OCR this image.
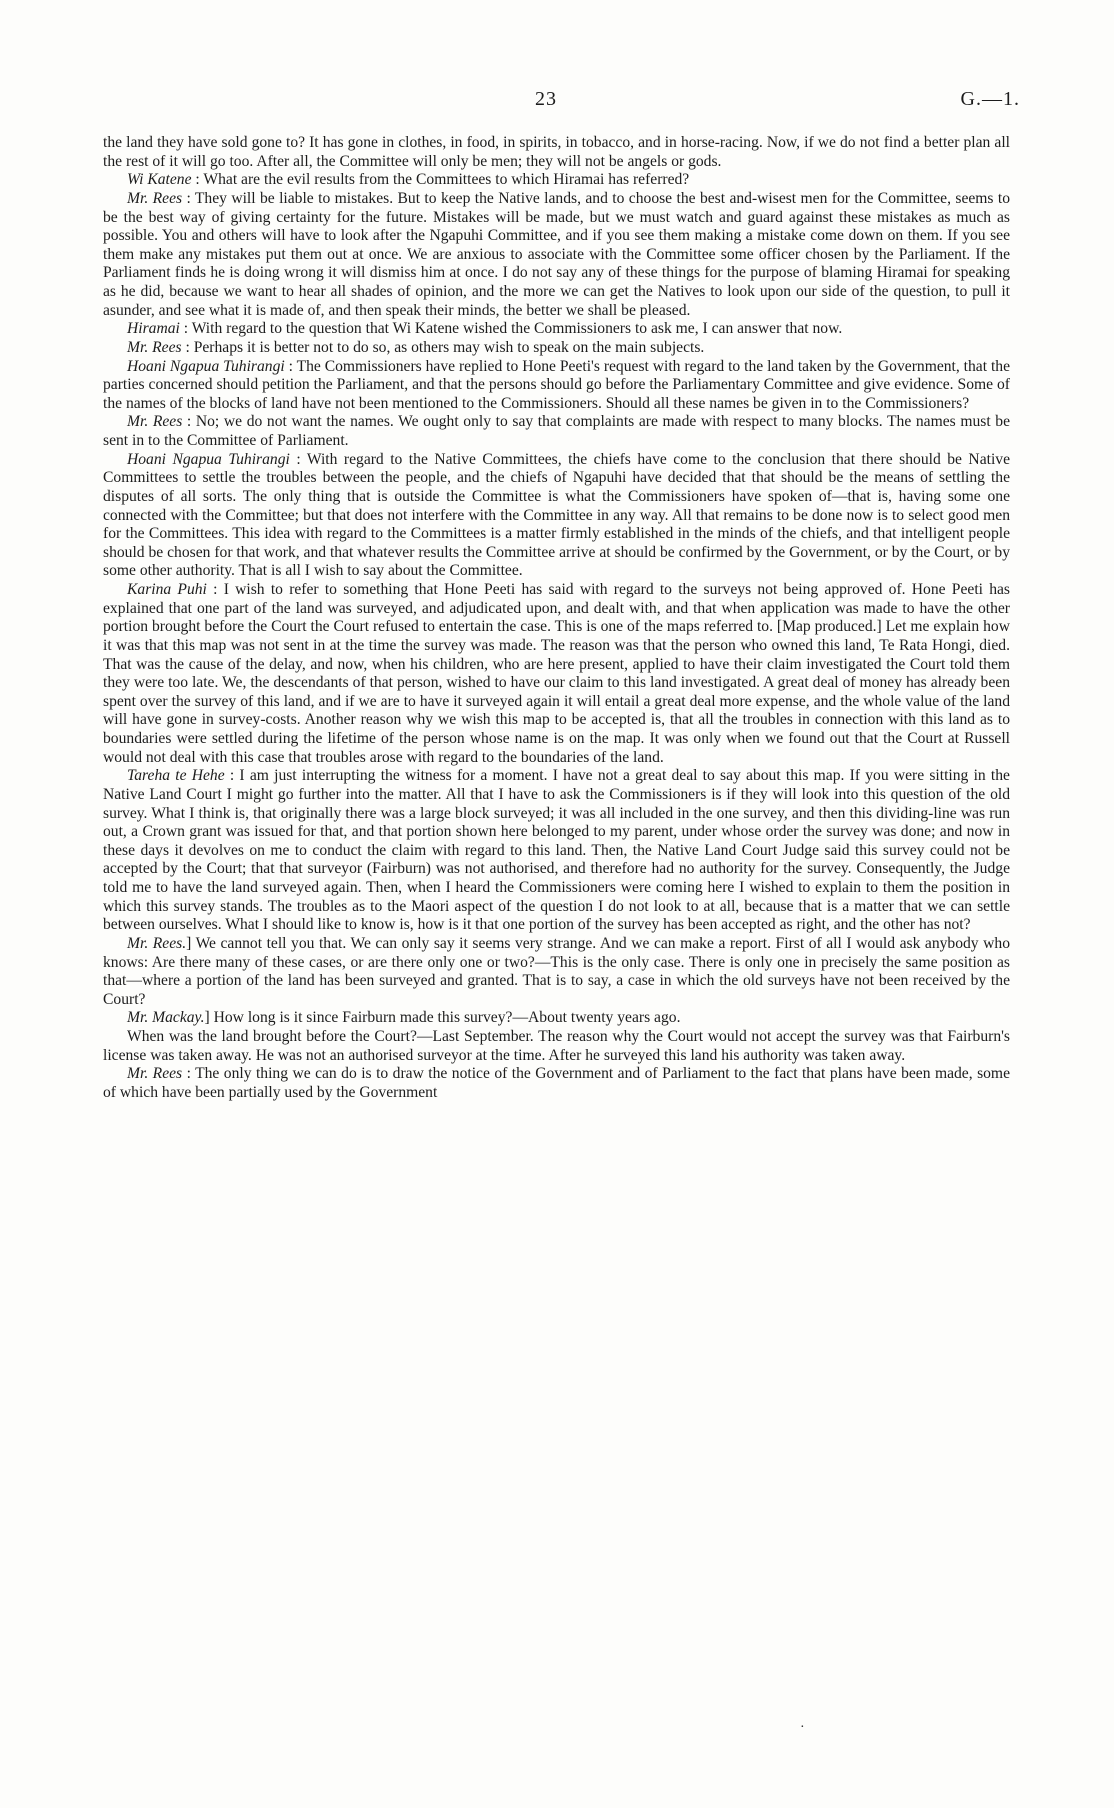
23	G.—1.

the land they have sold gone to? It has gone in clothes, in food, in spirits, in tobacco, and in horse-racing. Now, if we do not find a better plan all the rest of it will go too. After all, the Committee will only be men; they will not be angels or gods.

Wi Katene : What are the evil results from the Committees to which Hiramai has referred?

Mr. Rees : They will be liable to mistakes. But to keep the Native lands, and to choose the best and-wisest men for the Committee, seems to be the best way of giving certainty for the future. Mistakes will be made, but we must watch and guard against these mistakes as much as possible. You and others will have to look after the Ngapuhi Committee, and if you see them making a mistake come down on them. If you see them make any mistakes put them out at once. We are anxious to associate with the Committee some officer chosen by the Parliament. If the Parliament finds he is doing wrong it will dismiss him at once. I do not say any of these things for the purpose of blaming Hiramai for speaking as he did, because we want to hear all shades of opinion, and the more we can get the Natives to look upon our side of the question, to pull it asunder, and see what it is made of, and then speak their minds, the better we shall be pleased.

Hiramai : With regard to the question that Wi Katene wished the Commissioners to ask me, I can answer that now.

Mr. Rees : Perhaps it is better not to do so, as others may wish to speak on the main subjects.

Hoani Ngapua Tuhirangi : The Commissioners have replied to Hone Peeti's request with regard to the land taken by the Government, that the parties concerned should petition the Parliament, and that the persons should go before the Parliamentary Committee and give evidence. Some of the names of the blocks of land have not been mentioned to the Commissioners. Should all these names be given in to the Commissioners?

Mr. Rees : No; we do not want the names. We ought only to say that complaints are made with respect to many blocks. The names must be sent in to the Committee of Parliament.

Hoani Ngapua Tuhirangi : With regard to the Native Committees, the chiefs have come to the conclusion that there should be Native Committees to settle the troubles between the people, and the chiefs of Ngapuhi have decided that that should be the means of settling the disputes of all sorts. The only thing that is outside the Committee is what the Commissioners have spoken of—that is, having some one connected with the Committee; but that does not interfere with the Committee in any way. All that remains to be done now is to select good men for the Committees. This idea with regard to the Committees is a matter firmly established in the minds of the chiefs, and that intelligent people should be chosen for that work, and that whatever results the Committee arrive at should be confirmed by the Government, or by the Court, or by some other authority. That is all I wish to say about the Committee.

Karina Puhi : I wish to refer to something that Hone Peeti has said with regard to the surveys not being approved of. Hone Peeti has explained that one part of the land was surveyed, and adjudicated upon, and dealt with, and that when application was made to have the other portion brought before the Court the Court refused to entertain the case. This is one of the maps referred to. [Map produced.] Let me explain how it was that this map was not sent in at the time the survey was made. The reason was that the person who owned this land, Te Rata Hongi, died. That was the cause of the delay, and now, when his children, who are here present, applied to have their claim investigated the Court told them they were too late. We, the descendants of that person, wished to have our claim to this land investigated. A great deal of money has already been spent over the survey of this land, and if we are to have it surveyed again it will entail a great deal more expense, and the whole value of the land will have gone in survey-costs. Another reason why we wish this map to be accepted is, that all the troubles in connection with this land as to boundaries were settled during the lifetime of the person whose name is on the map. It was only when we found out that the Court at Russell would not deal with this case that troubles arose with regard to the boundaries of the land.

Tareha te Hehe : I am just interrupting the witness for a moment. I have not a great deal to say about this map. If you were sitting in the Native Land Court I might go further into the matter. All that I have to ask the Commissioners is if they will look into this question of the old survey. What I think is, that originally there was a large block surveyed; it was all included in the one survey, and then this dividing-line was run out, a Crown grant was issued for that, and that portion shown here belonged to my parent, under whose order the survey was done; and now in these days it devolves on me to conduct the claim with regard to this land. Then, the Native Land Court Judge said this survey could not be accepted by the Court; that that surveyor (Fairburn) was not authorised, and therefore had no authority for the survey. Consequently, the Judge told me to have the land surveyed again. Then, when I heard the Commissioners were coming here I wished to explain to them the position in which this survey stands. The troubles as to the Maori aspect of the question I do not look to at all, because that is a matter that we can settle between ourselves. What I should like to know is, how is it that one portion of the survey has been accepted as right, and the other has not?

Mr. Rees.] We cannot tell you that. We can only say it seems very strange. And we can make a report. First of all I would ask anybody who knows: Are there many of these cases, or are there only one or two?—This is the only case. There is only one in precisely the same position as that—where a portion of the land has been surveyed and granted. That is to say, a case in which the old surveys have not been received by the Court?

Mr. Mackay.] How long is it since Fairburn made this survey?—About twenty years ago.

When was the land brought before the Court?—Last September. The reason why the Court would not accept the survey was that Fairburn's license was taken away. He was not an authorised surveyor at the time. After he surveyed this land his authority was taken away.

Mr. Rees : The only thing we can do is to draw the notice of the Government and of Parliament to the fact that plans have been made, some of which have been partially used by the Government

·
